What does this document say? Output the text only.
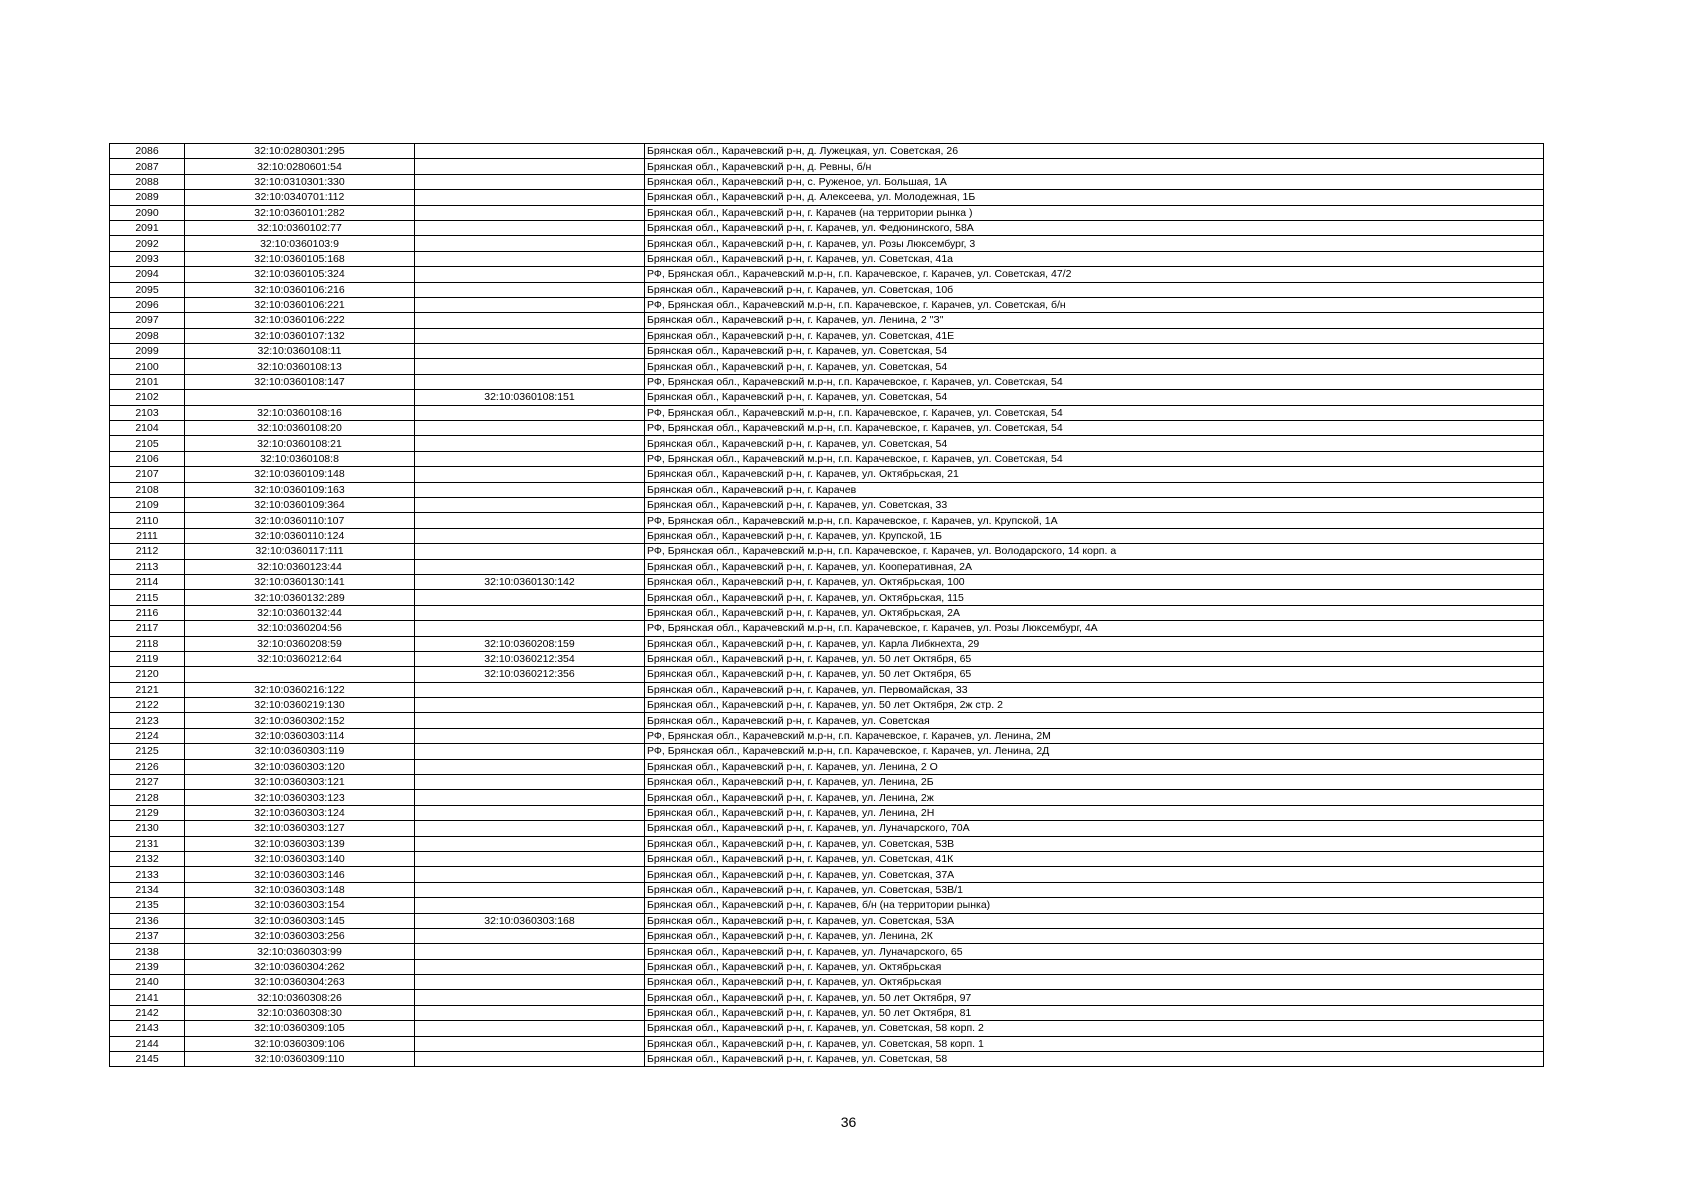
2086	32:10:0280301:295		Брянская обл., Карачевский р-н, д. Лужецкая, ул. Советская, 26
2087	32:10:0280601:54		Брянская обл., Карачевский р-н, д. Ревны, б/н
2088	32:10:0310301:330		Брянская обл., Карачевский р-н, с. Руженое, ул. Большая, 1А
2089	32:10:0340701:112		Брянская обл., Карачевский р-н, д. Алексеева, ул. Молодежная, 1Б
2090	32:10:0360101:282		Брянская обл., Карачевский р-н, г. Карачев (на территории рынка )
2091	32:10:0360102:77		Брянская обл., Карачевский р-н, г. Карачев, ул. Федюнинского, 58А
2092	32:10:0360103:9		Брянская обл., Карачевский р-н, г. Карачев, ул. Розы Люксембург, 3
2093	32:10:0360105:168		Брянская обл., Карачевский р-н, г. Карачев, ул. Советская, 41а
2094	32:10:0360105:324		РФ, Брянская обл., Карачевский м.р-н, г.п. Карачевское, г. Карачев, ул. Советская, 47/2
2095	32:10:0360106:216		Брянская обл., Карачевский р-н, г. Карачев, ул. Советская, 10б
2096	32:10:0360106:221		РФ, Брянская обл., Карачевский м.р-н, г.п. Карачевское, г. Карачев, ул. Советская, б/н
2097	32:10:0360106:222		Брянская обл., Карачевский р-н, г. Карачев, ул. Ленина, 2 "З"
2098	32:10:0360107:132		Брянская обл., Карачевский р-н, г. Карачев, ул. Советская, 41Е
2099	32:10:0360108:11		Брянская обл., Карачевский р-н, г. Карачев, ул. Советская, 54
2100	32:10:0360108:13		Брянская обл., Карачевский р-н, г. Карачев, ул. Советская, 54
2101	32:10:0360108:147		РФ, Брянская обл., Карачевский м.р-н, г.п. Карачевское, г. Карачев, ул. Советская, 54
2102		32:10:0360108:151	Брянская обл., Карачевский р-н, г. Карачев, ул. Советская, 54
2103	32:10:0360108:16		РФ, Брянская обл., Карачевский м.р-н, г.п. Карачевское, г. Карачев, ул. Советская, 54
2104	32:10:0360108:20		РФ, Брянская обл., Карачевский м.р-н, г.п. Карачевское, г. Карачев, ул. Советская, 54
2105	32:10:0360108:21		Брянская обл., Карачевский р-н, г. Карачев, ул. Советская, 54
2106	32:10:0360108:8		РФ, Брянская обл., Карачевский м.р-н, г.п. Карачевское, г. Карачев, ул. Советская, 54
2107	32:10:0360109:148		Брянская обл., Карачевский р-н, г. Карачев, ул. Октябрьская, 21
2108	32:10:0360109:163		Брянская обл., Карачевский р-н, г. Карачев
2109	32:10:0360109:364		Брянская обл., Карачевский р-н, г. Карачев, ул. Советская, 33
2110	32:10:0360110:107		РФ, Брянская обл., Карачевский м.р-н, г.п. Карачевское, г. Карачев, ул. Крупской, 1А
2111	32:10:0360110:124		Брянская обл., Карачевский р-н, г. Карачев, ул. Крупской, 1Б
2112	32:10:0360117:111		РФ, Брянская обл., Карачевский м.р-н, г.п. Карачевское, г. Карачев, ул. Володарского, 14 корп. а
2113	32:10:0360123:44		Брянская обл., Карачевский р-н, г. Карачев, ул. Кооперативная, 2А
2114	32:10:0360130:141	32:10:0360130:142	Брянская обл., Карачевский р-н, г. Карачев, ул. Октябрьская, 100
2115	32:10:0360132:289		Брянская обл., Карачевский р-н, г. Карачев, ул. Октябрьская, 115
2116	32:10:0360132:44		Брянская обл., Карачевский р-н, г. Карачев, ул. Октябрьская, 2А
2117	32:10:0360204:56		РФ, Брянская обл., Карачевский м.р-н, г.п. Карачевское, г. Карачев, ул. Розы Люксембург, 4А
2118	32:10:0360208:59	32:10:0360208:159	Брянская обл., Карачевский р-н, г. Карачев, ул. Карла Либкнехта, 29
2119	32:10:0360212:64	32:10:0360212:354	Брянская обл., Карачевский р-н, г. Карачев, ул. 50 лет Октября, 65
2120		32:10:0360212:356	Брянская обл., Карачевский р-н, г. Карачев, ул. 50 лет Октября, 65
2121	32:10:0360216:122		Брянская обл., Карачевский р-н, г. Карачев, ул. Первомайская, 33
2122	32:10:0360219:130		Брянская обл., Карачевский р-н, г. Карачев, ул. 50 лет Октября, 2ж стр. 2
2123	32:10:0360302:152		Брянская обл., Карачевский р-н, г. Карачев, ул. Советская
2124	32:10:0360303:114		РФ, Брянская обл., Карачевский м.р-н, г.п. Карачевское, г. Карачев, ул. Ленина, 2М
2125	32:10:0360303:119		РФ, Брянская обл., Карачевский м.р-н, г.п. Карачевское, г. Карачев, ул. Ленина, 2Д
2126	32:10:0360303:120		Брянская обл., Карачевский р-н, г. Карачев, ул. Ленина, 2 О
2127	32:10:0360303:121		Брянская обл., Карачевский р-н, г. Карачев, ул. Ленина, 2Б
2128	32:10:0360303:123		Брянская обл., Карачевский р-н, г. Карачев, ул. Ленина, 2ж
2129	32:10:0360303:124		Брянская обл., Карачевский р-н, г. Карачев, ул. Ленина, 2Н
2130	32:10:0360303:127		Брянская обл., Карачевский р-н, г. Карачев, ул. Луначарского, 70А
2131	32:10:0360303:139		Брянская обл., Карачевский р-н, г. Карачев, ул. Советская, 53В
2132	32:10:0360303:140		Брянская обл., Карачевский р-н, г. Карачев, ул. Советская, 41К
2133	32:10:0360303:146		Брянская обл., Карачевский р-н, г. Карачев, ул. Советская, 37А
2134	32:10:0360303:148		Брянская обл., Карачевский р-н, г. Карачев, ул. Советская, 53В/1
2135	32:10:0360303:154		Брянская обл., Карачевский р-н, г. Карачев, б/н (на территории рынка)
2136	32:10:0360303:145	32:10:0360303:168	Брянская обл., Карачевский р-н, г. Карачев, ул. Советская, 53А
2137	32:10:0360303:256		Брянская обл., Карачевский р-н, г. Карачев, ул. Ленина, 2К
2138	32:10:0360303:99		Брянская обл., Карачевский р-н, г. Карачев, ул. Луначарского, 65
2139	32:10:0360304:262		Брянская обл., Карачевский р-н, г. Карачев, ул. Октябрьская
2140	32:10:0360304:263		Брянская обл., Карачевский р-н, г. Карачев, ул. Октябрьская
2141	32:10:0360308:26		Брянская обл., Карачевский р-н, г. Карачев, ул. 50 лет Октября, 97
2142	32:10:0360308:30		Брянская обл., Карачевский р-н, г. Карачев, ул. 50 лет Октября, 81
2143	32:10:0360309:105		Брянская обл., Карачевский р-н, г. Карачев, ул. Советская, 58 корп. 2
2144	32:10:0360309:106		Брянская обл., Карачевский р-н, г. Карачев, ул. Советская, 58 корп. 1
2145	32:10:0360309:110		Брянская обл., Карачевский р-н, г. Карачев, ул. Советская, 58
36
